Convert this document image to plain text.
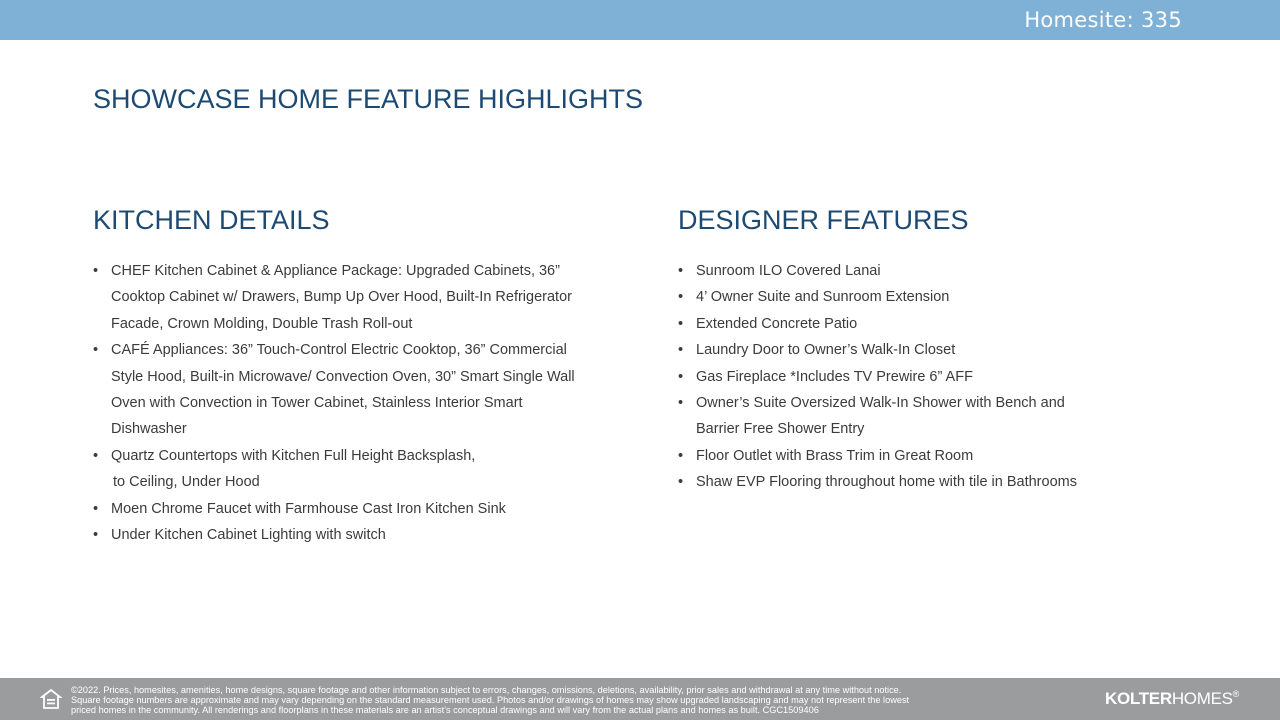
Homesite: 335
SHOWCASE HOME FEATURE HIGHLIGHTS
KITCHEN DETAILS	DESIGNER FEATURES
• CHEF Kitchen Cabinet & Appliance Package: Upgraded Cabinets, 36”
Cooktop Cabinet w/ Drawers, Bump Up Over Hood, Built-In Refrigerator
Facade, Crown Molding, Double Trash Roll-out
• CAFÉ Appliances: 36” Touch-Control Electric Cooktop, 36” Commercial
Style Hood, Built-in Microwave/ Convection Oven, 30” Smart Single Wall
Oven with Convection in Tower Cabinet, Stainless Interior Smart
Dishwasher
• Quartz Countertops with Kitchen Full Height Backsplash,
to Ceiling, Under Hood
• Moen Chrome Faucet with Farmhouse Cast Iron Kitchen Sink
• Under Kitchen Cabinet Lighting with switch
• Sunroom ILO Covered Lanai
• 4’ Owner Suite and Sunroom Extension
• Extended Concrete Patio
• Laundry Door to Owner’s Walk-In Closet
• Gas Fireplace *Includes TV Prewire 6” AFF
• Owner’s Suite Oversized Walk-In Shower with Bench and
Barrier Free Shower Entry
• Floor Outlet with Brass Trim in Great Room
• Shaw EVP Flooring throughout home with tile in Bathrooms
©2022. Prices, homesites, amenities, home designs, square footage and other information subject to errors, changes, omissions, deletions, availability, prior sales and withdrawal at any time without notice.
Square footage numbers are approximate and may vary depending on the standard measurement used. Photos and/or drawings of homes may show upgraded landscaping and may not represent the lowest
priced homes in the community. All renderings and floorplans in these materials are an artist’s conceptual drawings and will vary from the actual plans and homes as built. CGC1509406
KOLTERHOMES®
